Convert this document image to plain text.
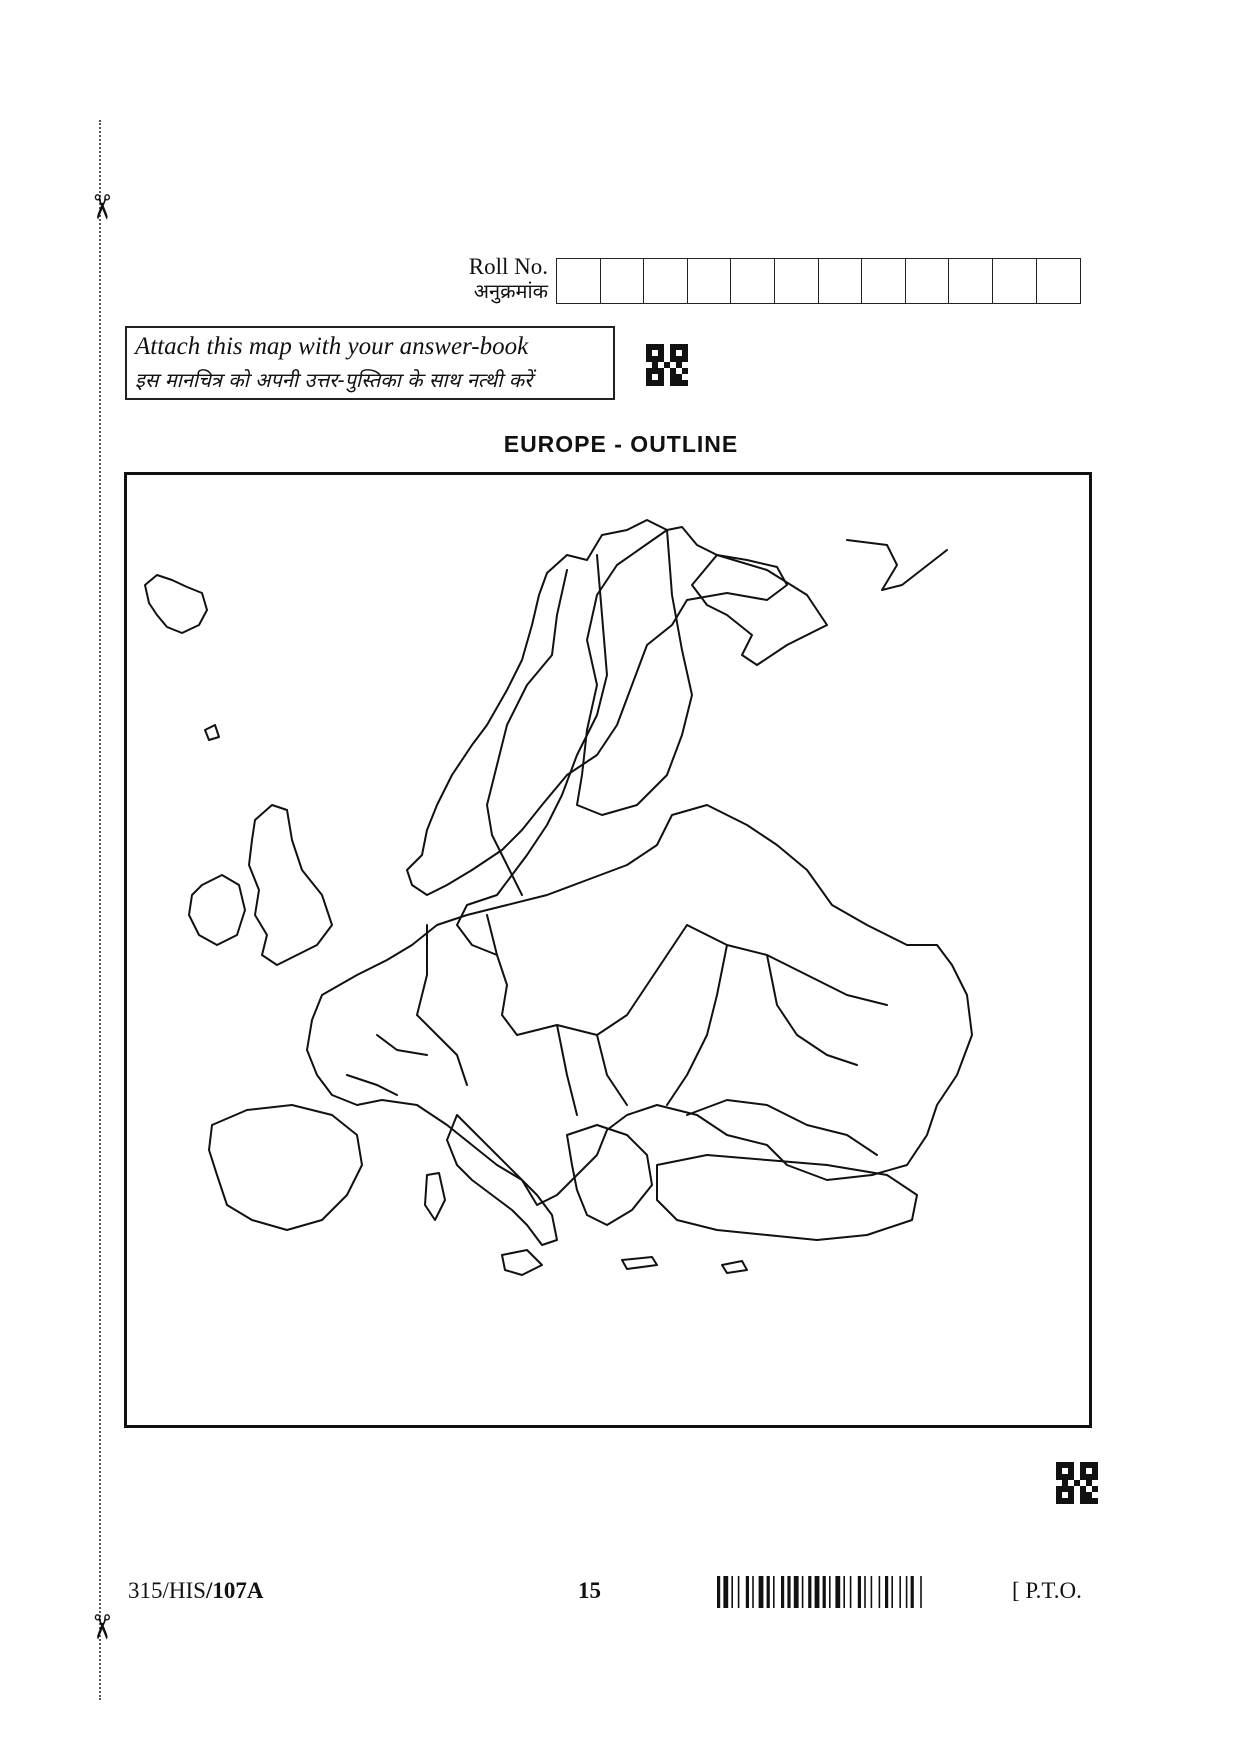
✂
✂
Roll No.
अनुक्रमांक
Attach this map with your answer-book
इस मानचित्र को अपनी उत्तर-पुस्तिका के साथ नत्थी करें
EUROPE - OUTLINE
315/HIS/107A	15	[ P.T.O.
